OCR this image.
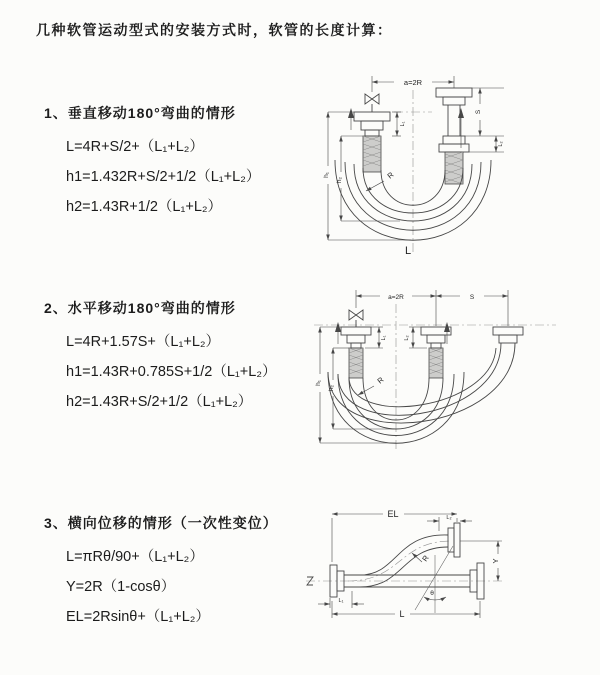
几种软管运动型式的安装方式时，软管的长度计算：
1、垂直移动180°弯曲的情形
L=4R+S/2+（L₁+L₂）
h1=1.432R+S/2+1/2（L₁+L₂）
h2=1.43R+1/2（L₁+L₂）
2、水平移动180°弯曲的情形
L=4R+1.57S+（L₁+L₂）
h1=1.43R+0.785S+1/2（L₁+L₂）
h2=1.43R+S/2+1/2（L₁+L₂）
3、横向位移的情形（一次性变位）
L=πRθ/90+（L₁+L₂）
Y=2R（1-cosθ）
EL=2Rsinθ+（L₁+L₂）
a=2R
L₁
S
L₂
h₁
h₂	R
L
a=2R	S
L₁	L₂
h₁
h₂
R
EL	L₂
Y
L
L₁
θ
R
